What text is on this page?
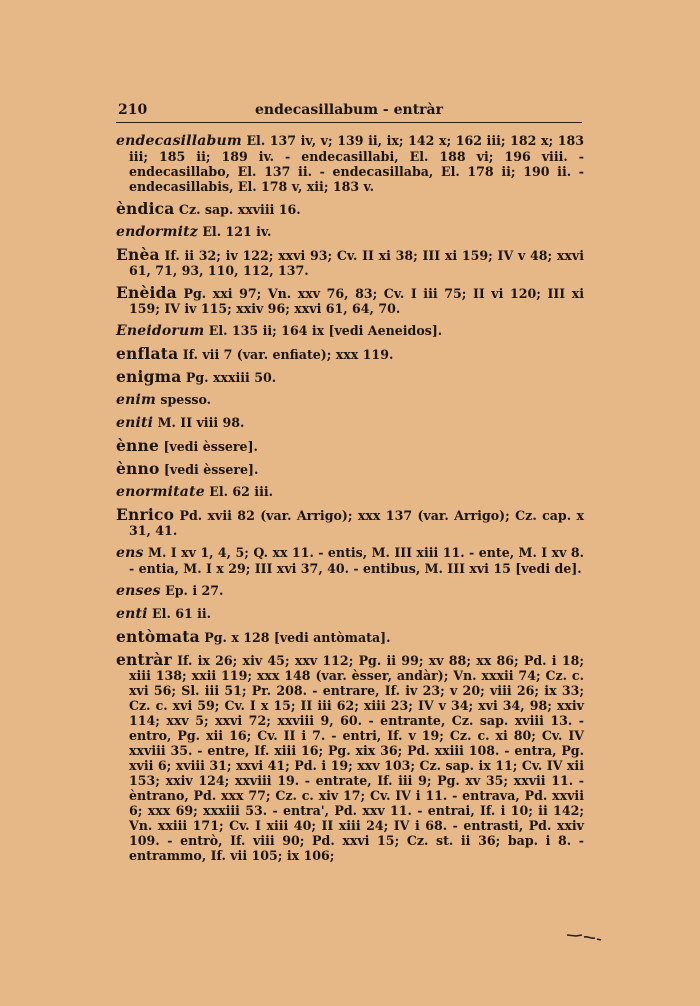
210	endecasillabum - entràr
endecasillabum El. 137 iv, v; 139 ii, ix; 142 x; 162 iii; 182 x; 183 iii; 185 ii; 189 iv. - endecasillabi, El. 188 vi; 196 viii. - endecasillabo, El. 137 ii. - endecasillaba, El. 178 ii; 190 ii. - endecasillabis, El. 178 v, xii; 183 v.
èndica Cz. sap. xxviii 16.
endormitz El. 121 iv.
Enèa If. ii 32; iv 122; xxvi 93; Cv. II xi 38; III xi 159; IV v 48; xxvi 61, 71, 93, 110, 112, 137.
Enèida Pg. xxi 97; Vn. xxv 76, 83; Cv. I iii 75; II vi 120; III xi 159; IV iv 115; xxiv 96; xxvi 61, 64, 70.
Eneidorum El. 135 ii; 164 ix [vedi Aeneidos].
enflata If. vii 7 (var. enfiate); xxx 119.
enigma Pg. xxxiii 50.
enim spesso.
eniti M. II viii 98.
ènne [vedi èssere].
ènno [vedi èssere].
enormitate El. 62 iii.
Enrico Pd. xvii 82 (var. Arrigo); xxx 137 (var. Arrigo); Cz. cap. x 31, 41.
ens M. I xv 1, 4, 5; Q. xx 11. - entis, M. III xiii 11. - ente, M. I xv 8. - entia, M. I x 29; III xvi 37, 40. - entibus, M. III xvi 15 [vedi de].
enses Ep. i 27.
enti El. 61 ii.
entòmata Pg. x 128 [vedi antòmata].
entràr If. ix 26; xiv 45; xxv 112; Pg. ii 99; xv 88; xx 86; Pd. i 18; xiii 138; xxii 119; xxx 148 (var. èsser, andàr); Vn. xxxii 74; Cz. c. xvi 56; Sl. iii 51; Pr. 208. - entrare, If. iv 23; v 20; viii 26; ix 33; Cz. c. xvi 59; Cv. I x 15; II iii 62; xiii 23; IV v 34; xvi 34, 98; xxiv 114; xxv 5; xxvi 72; xxviii 9, 60. - entrante, Cz. sap. xviii 13. - entro, Pg. xii 16; Cv. II i 7. - entri, If. v 19; Cz. c. xi 80; Cv. IV xxviii 35. - entre, If. xiii 16; Pg. xix 36; Pd. xxiii 108. - entra, Pg. xvii 6; xviii 31; xxvi 41; Pd. i 19; xxv 103; Cz. sap. ix 11; Cv. IV xii 153; xxiv 124; xxviii 19. - entrate, If. iii 9; Pg. xv 35; xxvii 11. - èntrano, Pd. xxx 77; Cz. c. xiv 17; Cv. IV i 11. - entrava, Pd. xxvii 6; xxx 69; xxxiii 53. - entra', Pd. xxv 11. - entrai, If. i 10; ii 142; Vn. xxiii 171; Cv. I xiii 40; II xiii 24; IV i 68. - entrasti, Pd. xxiv 109. - entrò, If. viii 90; Pd. xxvi 15; Cz. st. ii 36; bap. i 8. - entrammo, If. vii 105; ix 106;
